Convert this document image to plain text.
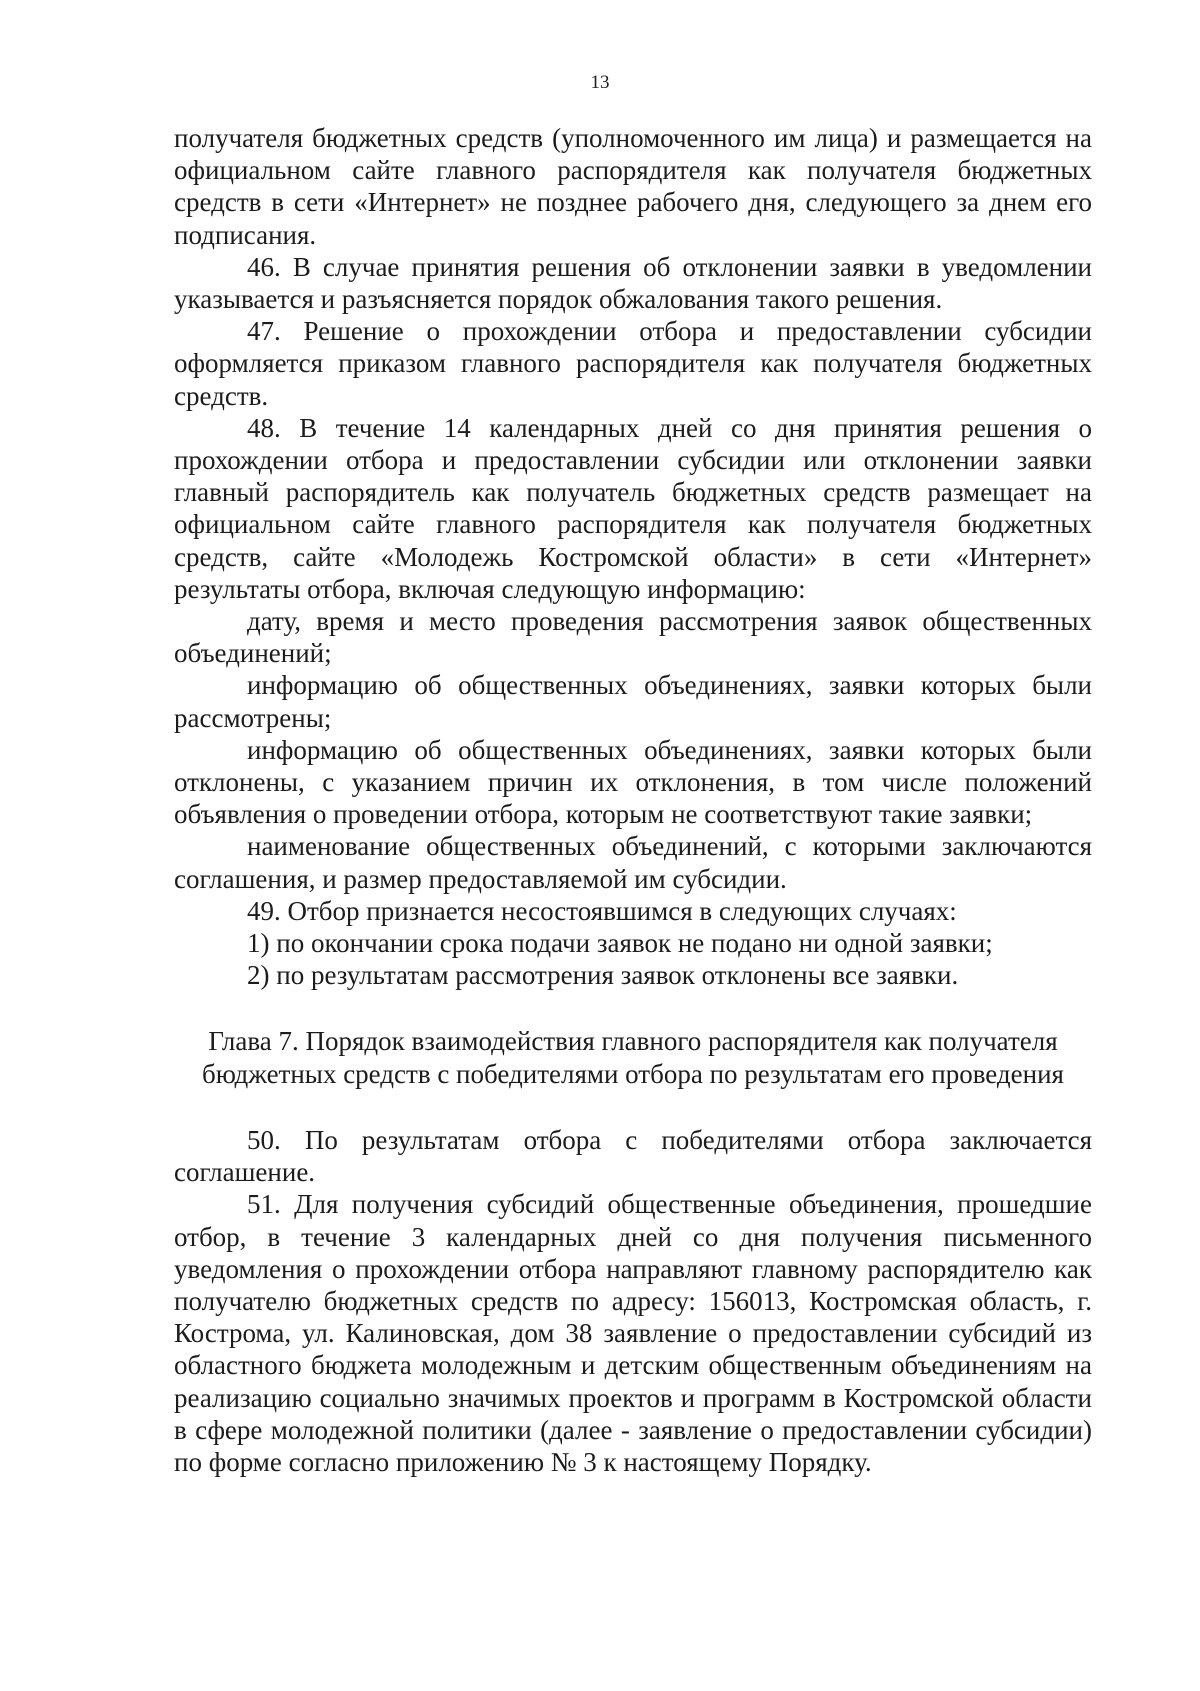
13

получателя бюджетных средств (уполномоченного им лица) и размещается на официальном сайте главного распорядителя как получателя бюджетных средств в сети «Интернет» не позднее рабочего дня, следующего за днем его подписания.

46. В случае принятия решения об отклонении заявки в уведомлении указывается и разъясняется порядок обжалования такого решения.

47. Решение о прохождении отбора и предоставлении субсидии оформляется приказом главного распорядителя как получателя бюджетных средств.

48. В течение 14 календарных дней со дня принятия решения о прохождении отбора и предоставлении субсидии или отклонении заявки главный распорядитель как получатель бюджетных средств размещает на официальном сайте главного распорядителя как получателя бюджетных средств, сайте «Молодежь Костромской области» в сети «Интернет» результаты отбора, включая следующую информацию:

дату, время и место проведения рассмотрения заявок общественных объединений;

информацию об общественных объединениях, заявки которых были рассмотрены;

информацию об общественных объединениях, заявки которых были отклонены, с указанием причин их отклонения, в том числе положений объявления о проведении отбора, которым не соответствуют такие заявки;

наименование общественных объединений, с которыми заключаются соглашения, и размер предоставляемой им субсидии.

49. Отбор признается несостоявшимся в следующих случаях:

1) по окончании срока подачи заявок не подано ни одной заявки;

2) по результатам рассмотрения заявок отклонены все заявки.

Глава 7. Порядок взаимодействия главного распорядителя как получателя
бюджетных средств с победителями отбора по результатам его проведения

50. По результатам отбора с победителями отбора заключается соглашение.

51. Для получения субсидий общественные объединения, прошедшие отбор, в течение 3 календарных дней со дня получения письменного уведомления о прохождении отбора направляют главному распорядителю как получателю бюджетных средств по адресу: 156013, Костромская область, г. Кострома, ул. Калиновская, дом 38 заявление о предоставлении субсидий из областного бюджета молодежным и детским общественным объединениям на реализацию социально значимых проектов и программ в Костромской области в сфере молодежной политики (далее - заявление о предоставлении субсидии) по форме согласно приложению № 3 к настоящему Порядку.
